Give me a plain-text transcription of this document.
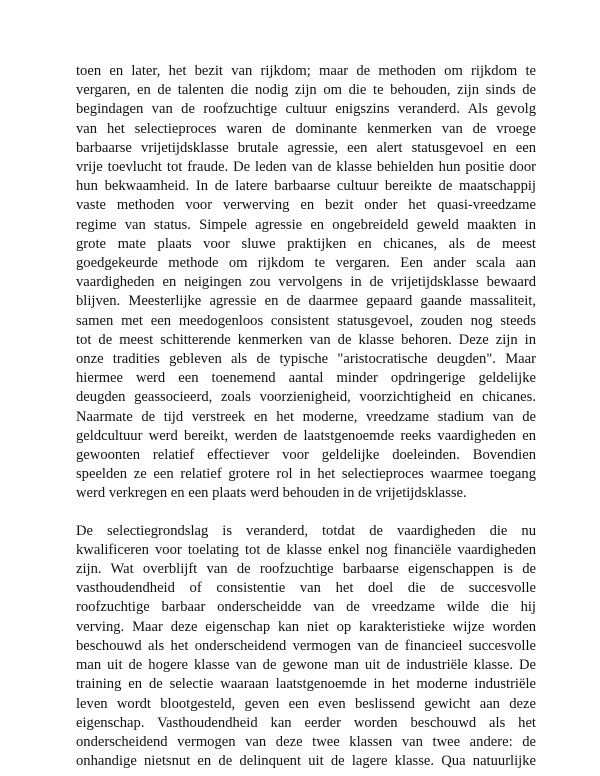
toen en later, het bezit van rijkdom; maar de methoden om rijkdom te
vergaren, en de talenten die nodig zijn om die te behouden, zijn sinds de
begindagen van de roofzuchtige cultuur enigszins veranderd. Als gevolg
van het selectieproces waren de dominante kenmerken van de vroege
barbaarse vrijetijdsklasse brutale agressie, een alert statusgevoel en een
vrije toevlucht tot fraude. De leden van de klasse behielden hun positie door
hun bekwaamheid. In de latere barbaarse cultuur bereikte de maatschappij
vaste methoden voor verwerving en bezit onder het quasi-vreedzame
regime van status. Simpele agressie en ongebreideld geweld maakten in
grote mate plaats voor sluwe praktijken en chicanes, als de meest
goedgekeurde methode om rijkdom te vergaren. Een ander scala aan
vaardigheden en neigingen zou vervolgens in de vrijetijdsklasse bewaard
blijven. Meesterlijke agressie en de daarmee gepaard gaande massaliteit,
samen met een meedogenloos consistent statusgevoel, zouden nog steeds
tot de meest schitterende kenmerken van de klasse behoren. Deze zijn in
onze tradities gebleven als de typische "aristocratische deugden". Maar
hiermee werd een toenemend aantal minder opdringerige geldelijke
deugden geassocieerd, zoals voorzienigheid, voorzichtigheid en chicanes.
Naarmate de tijd verstreek en het moderne, vreedzame stadium van de
geldcultuur werd bereikt, werden de laatstgenoemde reeks vaardigheden en
gewoonten relatief effectiever voor geldelijke doeleinden. Bovendien
speelden ze een relatief grotere rol in het selectieproces waarmee toegang
werd verkregen en een plaats werd behouden in de vrijetijdsklasse.
De selectiegrondslag is veranderd, totdat de vaardigheden die nu
kwalificeren voor toelating tot de klasse enkel nog financiële vaardigheden
zijn. Wat overblijft van de roofzuchtige barbaarse eigenschappen is de
vasthoudendheid of consistentie van het doel die de succesvolle
roofzuchtige barbaar onderscheidde van de vreedzame wilde die hij
verving. Maar deze eigenschap kan niet op karakteristieke wijze worden
beschouwd als het onderscheidend vermogen van de financieel succesvolle
man uit de hogere klasse van de gewone man uit de industriële klasse. De
training en de selectie waaraan laatstgenoemde in het moderne industriële
leven wordt blootgesteld, geven een even beslissend gewicht aan deze
eigenschap. Vasthoudendheid kan eerder worden beschouwd als het
onderscheidend vermogen van deze twee klassen van twee andere: de
onhandige nietsnut en de delinquent uit de lagere klasse. Qua natuurlijke
